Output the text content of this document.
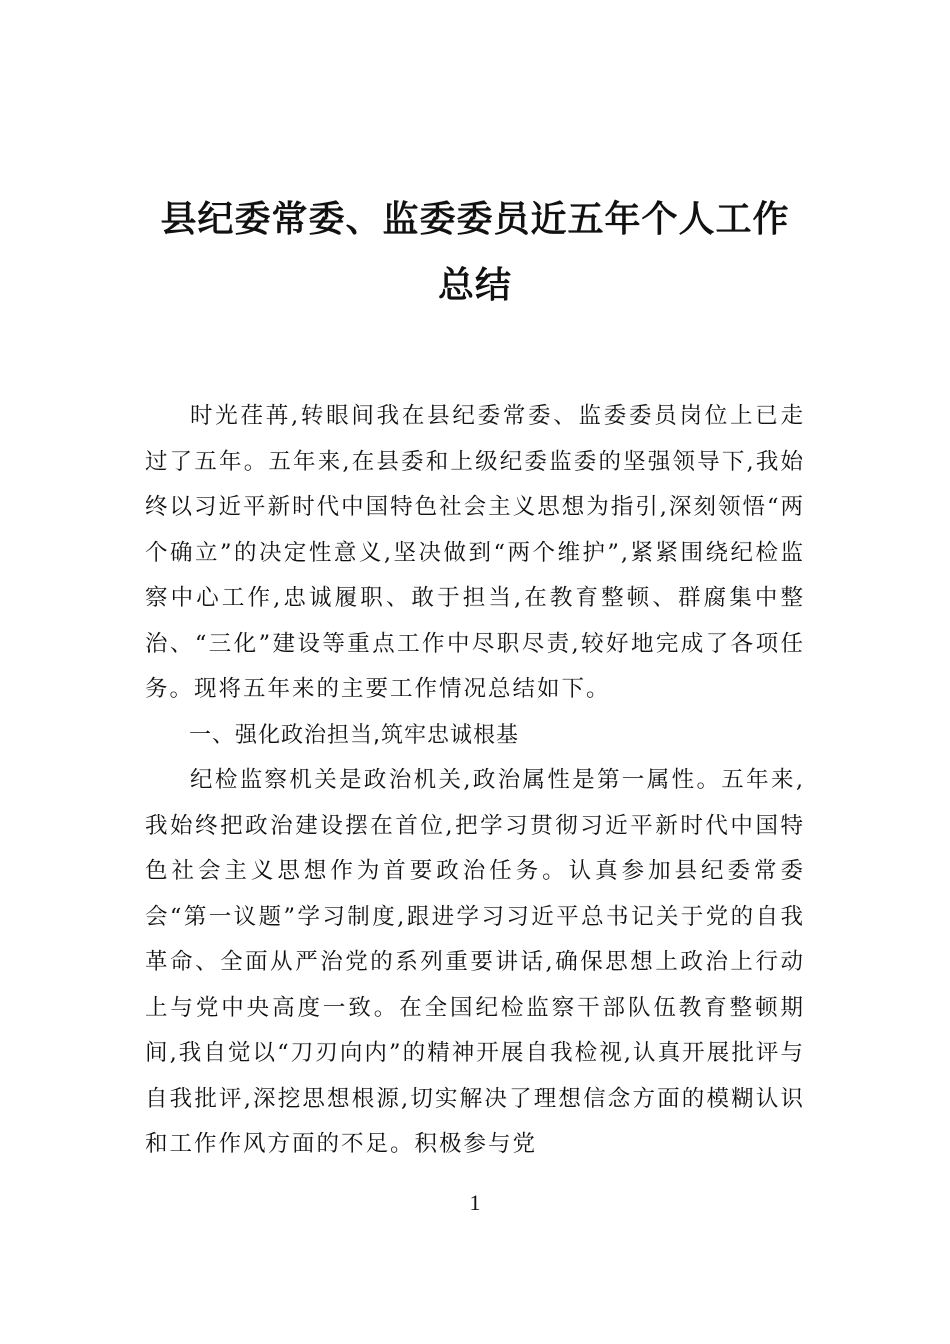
县纪委常委、监委委员近五年个人工作总结

时光荏苒,转眼间我在县纪委常委、监委委员岗位上已走过了五年。五年来,在县委和上级纪委监委的坚强领导下,我始终以习近平新时代中国特色社会主义思想为指引,深刻领悟“两个确立”的决定性意义,坚决做到“两个维护”,紧紧围绕纪检监察中心工作,忠诚履职、敢于担当,在教育整顿、群腐集中整治、“三化”建设等重点工作中尽职尽责,较好地完成了各项任务。现将五年来的主要工作情况总结如下。

一、强化政治担当,筑牢忠诚根基

纪检监察机关是政治机关,政治属性是第一属性。五年来,我始终把政治建设摆在首位,把学习贯彻习近平新时代中国特色社会主义思想作为首要政治任务。认真参加县纪委常委会“第一议题”学习制度,跟进学习习近平总书记关于党的自我革命、全面从严治党的系列重要讲话,确保思想上政治上行动上与党中央高度一致。在全国纪检监察干部队伍教育整顿期间,我自觉以“刀刃向内”的精神开展自我检视,认真开展批评与自我批评,深挖思想根源,切实解决了理想信念方面的模糊认识和工作作风方面的不足。积极参与党

1
